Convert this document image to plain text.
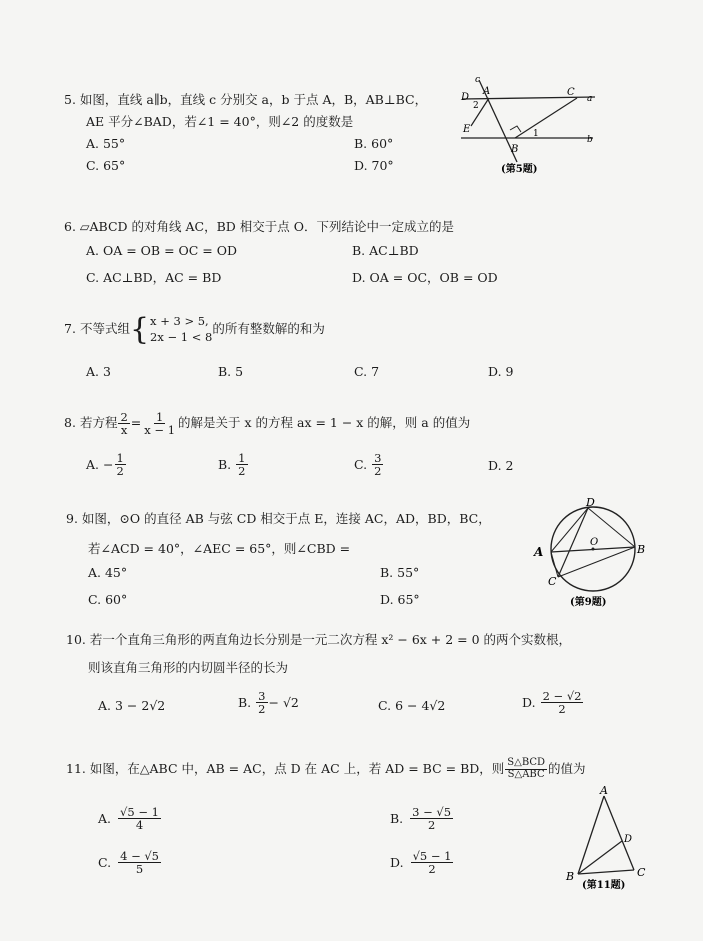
5. 如图，直线 a∥b，直线 c 分别交 a，b 于点 A，B，AB⊥BC，
AE 平分∠BAD，若∠1 = 40°，则∠2 的度数是
A. 55°	B. 60°
C. 65°	D. 70°
c
D
A
2
C
a
E
B
1
b
(第5题)
6. ▱ABCD 的对角线 AC，BD 相交于点 O．下列结论中一定成立的是
A. OA = OB = OC = OD	B. AC⊥BD
C. AC⊥BD，AC = BD	D. OA = OC，OB = OD
7. 不等式组 { x + 3 > 5,
2x − 1 < 8
的所有整数解的和为
A. 3	B. 5	C. 7	D. 9
8. 若方程 $\frac{2}{x} = \frac{1}{x - 1}$ 的解是关于 x 的方程 ax = 1 − x 的解，则 a 的值为
A. − $\frac{1}{2}$	B. $\frac{1}{2}$	C. $\frac{3}{2}$	D. 2
9. 如图，⊙O 的直径 AB 与弦 CD 相交于点 E，连接 AC，AD，BD，BC，
若∠ACD = 40°，∠AEC = 65°，则∠CBD =
A. 45°	B. 55°
C. 60°	D. 65°
D
A
O
B
C
(第9题)
10. 若一个直角三角形的两直角边长分别是一元二次方程 x² − 6x + 2 = 0 的两个实数根，
则该直角三角形的内切圆半径的长为
A. 3 − 2√2	B. $\frac{3}{2} - √2$	C. 6 − 4√2	D. $\frac{2 - √2}{2}$
11. 如图，在△ABC 中，AB = AC，点 D 在 AC 上，若 AD = BC = BD，则 $\frac{\text{S△BCD}}{\text{S△ABC}}$ 的值为
A. $\frac{√5 - 1}{4}$	B. $\frac{3 - √5}{2}$
C. $\frac{4 - √5}{5}$	D. $\frac{√5 - 1}{2}$
A
D
B	C
(第11题)
